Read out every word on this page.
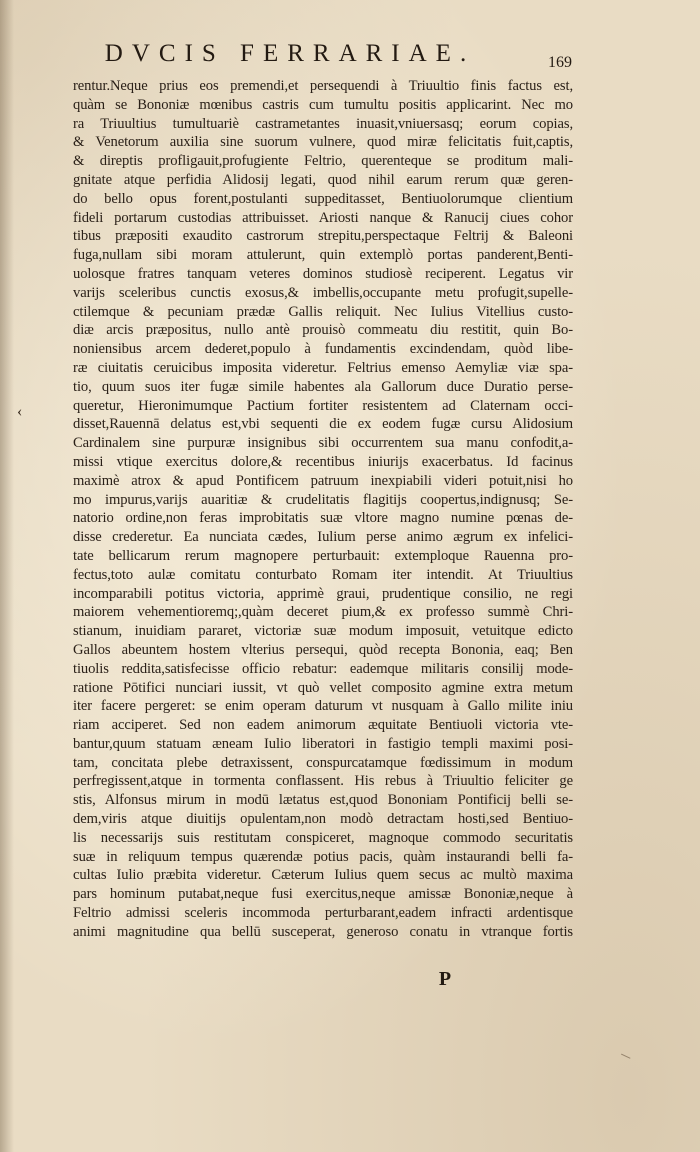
DVCIS FERRARIAE.	169
‹
rentur.Neque prius eos premendi,et persequendi à Triuultio finis factus est,
quàm se Bononiæ mœnibus castris cum tumultu positis applicarint. Nec mo
ra Triuultius tumultuariè castrametantes inuasit,vniuersasq; eorum copias,
& Venetorum auxilia sine suorum vulnere, quod miræ felicitatis fuit,captis,
& direptis profligauit,profugiente Feltrio, querenteque se proditum mali-
gnitate atque perfidia Alidosij legati, quod nihil earum rerum quæ geren-
do bello opus forent,postulanti suppeditasset, Bentiuolorumque clientium
fideli portarum custodias attribuisset. Ariosti nanque & Ranucij ciues cohor
tibus præpositi exaudito castrorum strepitu,perspectaque Feltrij & Baleoni
fuga,nullam sibi moram attulerunt, quin extemplò portas panderent,Benti-
uolosque fratres tanquam veteres dominos studiosè reciperent. Legatus vir
varijs sceleribus cunctis exosus,& imbellis,occupante metu profugit,supelle-
ctilemque & pecuniam prædæ Gallis reliquit. Nec Iulius Vitellius custo-
diæ arcis præpositus, nullo antè prouisò commeatu diu restitit, quin Bo-
noniensibus arcem dederet,populo à fundamentis excindendam, quòd libe-
ræ ciuitatis ceruicibus imposita videretur. Feltrius emenso Aemyliæ viæ spa-
tio, quum suos iter fugæ simile habentes ala Gallorum duce Duratio perse-
queretur, Hieronimumque Pactium fortiter resistentem ad Claternam occi-
disset,Rauennā delatus est,vbi sequenti die ex eodem fugæ cursu Alidosium
Cardinalem sine purpuræ insignibus sibi occurrentem sua manu confodit,a-
missi vtique exercitus dolore,& recentibus iniurijs exacerbatus. Id facinus
maximè atrox & apud Pontificem patruum inexpiabili videri potuit,nisi ho
mo impurus,varijs auaritiæ & crudelitatis flagitijs coopertus,indignusq; Se-
natorio ordine,non feras improbitatis suæ vltore magno numine pœnas de-
disse crederetur. Ea nunciata cædes, Iulium perse animo ægrum ex infelici-
tate bellicarum rerum magnopere perturbauit: extemploque Rauenna pro-
fectus,toto aulæ comitatu conturbato Romam iter intendit. At Triuultius
incomparabili potitus victoria, apprimè graui, prudentique consilio, ne regi
maiorem vehementioremq;,quàm deceret pium,& ex professo summè Chri-
stianum, inuidiam pararet, victoriæ suæ modum imposuit, vetuitque edicto
Gallos abeuntem hostem vlterius persequi, quòd recepta Bononia, eaq; Ben
tiuolis reddita,satisfecisse officio rebatur: eademque militaris consilij mode-
ratione Pōtifici nunciari iussit, vt quò vellet composito agmine extra metum
iter facere pergeret: se enim operam daturum vt nusquam à Gallo milite iniu
riam acciperet. Sed non eadem animorum æquitate Bentiuoli victoria vte-
bantur,quum statuam æneam Iulio liberatori in fastigio templi maximi posi-
tam, concitata plebe detraxissent, conspurcatamque fœdissimum in modum
perfregissent,atque in tormenta conflassent. His rebus à Triuultio feliciter ge
stis, Alfonsus mirum in modū lætatus est,quod Bononiam Pontificij belli se-
dem,viris atque diuitijs opulentam,non modò detractam hosti,sed Bentiuo-
lis necessarijs suis restitutam conspiceret, magnoque commodo securitatis
suæ in reliquum tempus quærendæ potius pacis, quàm instaurandi belli fa-
cultas Iulio præbita videretur. Cæterum Iulius quem secus ac multò maxima
pars hominum putabat,neque fusi exercitus,neque amissæ Bononiæ,neque à
Feltrio admissi sceleris incommoda perturbarant,eadem infracti ardentisque
animi magnitudine qua bellū susceperat, generoso conatu in vtranque fortis
P
